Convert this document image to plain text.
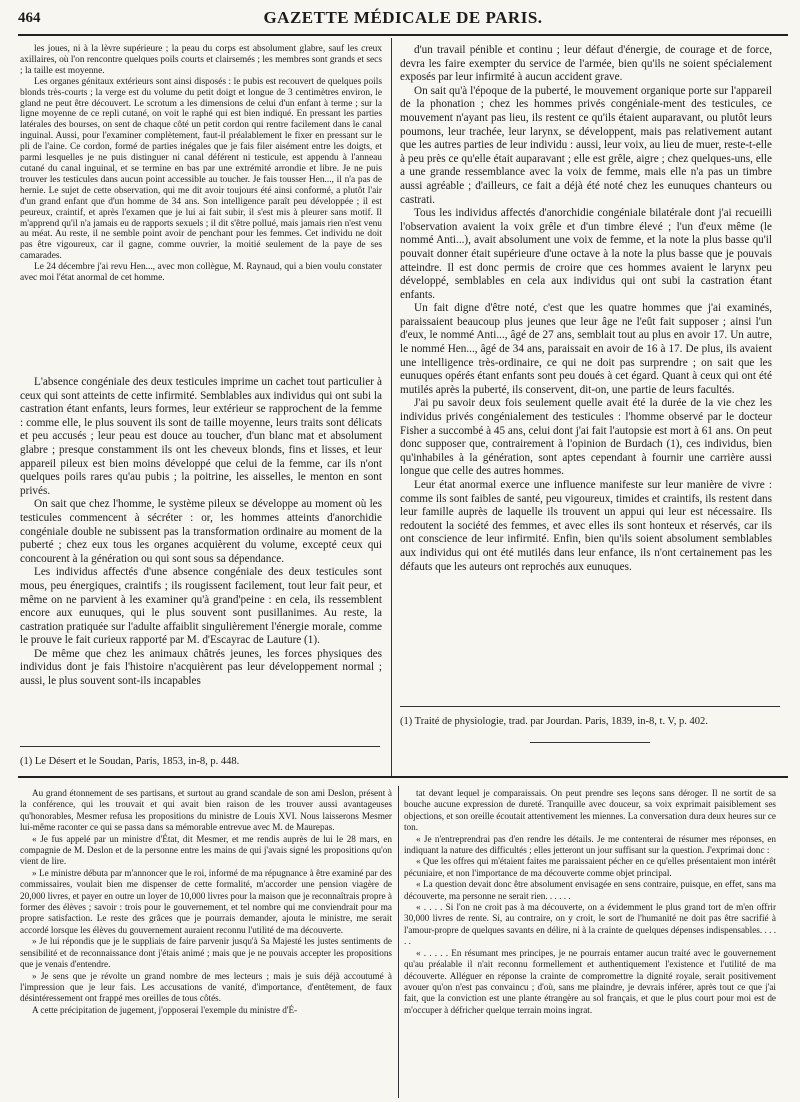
464	GAZETTE MÉDICALE DE PARIS.

les joues, ni à la lèvre supérieure ; la peau du corps est absolument glabre, sauf les creux axillaires, où l'on rencontre quelques poils courts et clairsemés ; les membres sont grands et secs ; la taille est moyenne.

Les organes génitaux extérieurs sont ainsi disposés : le pubis est recouvert de quelques poils blonds très-courts ; la verge est du volume du petit doigt et longue de 3 centimètres environ, le gland ne peut être découvert. Le scrotum a les dimensions de celui d'un enfant à terme ; sur la ligne moyenne de ce repli cutané, on voit le raphé qui est bien indiqué. En pressant les parties latérales des bourses, on sent de chaque côté un petit cordon qui rentre facilement dans le canal inguinal. Aussi, pour l'examiner complètement, faut-il préalablement le fixer en pressant sur le pli de l'aine. Ce cordon, formé de parties inégales que je fais filer aisément entre les doigts, et parmi lesquelles je ne puis distinguer ni canal déférent ni testicule, est appendu à l'anneau cutané du canal inguinal, et se termine en bas par une extrémité arrondie et libre. Je ne puis trouver les testicules dans aucun point accessible au toucher. Je fais tousser Hen..., il n'a pas de hernie. Le sujet de cette observation, qui me dit avoir toujours été ainsi conformé, a plutôt l'air d'un grand enfant que d'un homme de 34 ans. Son intelligence paraît peu développée ; il est peureux, craintif, et après l'examen que je lui ai fait subir, il s'est mis à pleurer sans motif. Il m'apprend qu'il n'a jamais eu de rapports sexuels ; il dit s'être pollué, mais jamais rien n'est venu au méat. Au reste, il ne semble point avoir de penchant pour les femmes. Cet individu ne doit pas être vigoureux, car il gagne, comme ouvrier, la moitié seulement de la paye de ses camarades.

Le 24 décembre j'ai revu Hen..., avec mon collègue, M. Raynaud, qui a bien voulu constater avec moi l'état anormal de cet homme.

L'absence congéniale des deux testicules imprime un cachet tout particulier à ceux qui sont atteints de cette infirmité. Semblables aux individus qui ont subi la castration étant enfants, leurs formes, leur extérieur se rapprochent de la femme : comme elle, le plus souvent ils sont de taille moyenne, leurs traits sont délicats et peu accusés ; leur peau est douce au toucher, d'un blanc mat et absolument glabre ; presque constamment ils ont les cheveux blonds, fins et lisses, et leur appareil pileux est bien moins développé que celui de la femme, car ils n'ont quelques poils rares qu'au pubis ; la poitrine, les aisselles, le menton en sont privés.

On sait que chez l'homme, le système pileux se développe au moment où les testicules commencent à sécréter : or, les hommes atteints d'anorchidie congéniale double ne subissent pas la transformation ordinaire au moment de la puberté ; chez eux tous les organes acquièrent du volume, excepté ceux qui concourent à la génération ou qui sont sous sa dépendance.

Les individus affectés d'une absence congéniale des deux testicules sont mous, peu énergiques, craintifs ; ils rougissent facilement, tout leur fait peur, et même on ne parvient à les examiner qu'à grand'peine : en cela, ils ressemblent encore aux eunuques, qui le plus souvent sont pusillanimes. Au reste, la castration pratiquée sur l'adulte affaiblit singulièrement l'énergie morale, comme le prouve le fait curieux rapporté par M. d'Escayrac de Lauture (1).

De même que chez les animaux châtrés jeunes, les forces physiques des individus dont je fais l'histoire n'acquièrent pas leur développement normal ; aussi, le plus souvent sont-ils incapables

d'un travail pénible et continu ; leur défaut d'énergie, de courage et de force, devra les faire exempter du service de l'armée, bien qu'ils ne soient spécialement exposés par leur infirmité à aucun accident grave.

On sait qu'à l'époque de la puberté, le mouvement organique porte sur l'appareil de la phonation ; chez les hommes privés congéniale-ment des testicules, ce mouvement n'ayant pas lieu, ils restent ce qu'ils étaient auparavant, ou plutôt leurs poumons, leur trachée, leur larynx, se développent, mais pas relativement autant que les autres parties de leur individu : aussi, leur voix, au lieu de muer, reste-t-elle à peu près ce qu'elle était auparavant ; elle est grêle, aigre ; chez quelques-uns, elle a une grande ressemblance avec la voix de femme, mais elle n'a pas un timbre aussi agréable ; d'ailleurs, ce fait a déjà été noté chez les eunuques chanteurs ou castrati.

Tous les individus affectés d'anorchidie congéniale bilatérale dont j'ai recueilli l'observation avaient la voix grêle et d'un timbre élevé ; l'un d'eux même (le nommé Anti...), avait absolument une voix de femme, et la note la plus basse qu'il pouvait donner était supérieure d'une octave à la note la plus basse que je pouvais atteindre. Il est donc permis de croire que ces hommes avaient le larynx peu développé, semblables en cela aux individus qui ont subi la castration étant enfants.

Un fait digne d'être noté, c'est que les quatre hommes que j'ai examinés, paraissaient beaucoup plus jeunes que leur âge ne l'eût fait supposer ; ainsi l'un d'eux, le nommé Anti..., âgé de 27 ans, semblait tout au plus en avoir 17. Un autre, le nommé Hen..., âgé de 34 ans, paraissait en avoir de 16 à 17. De plus, ils avaient une intelligence très-ordinaire, ce qui ne doit pas surprendre ; on sait que les eunuques opérés étant enfants sont peu doués à cet égard. Quant à ceux qui ont été mutilés après la puberté, ils conservent, dit-on, une partie de leurs facultés.

J'ai pu savoir deux fois seulement quelle avait été la durée de la vie chez les individus privés congénialement des testicules : l'homme observé par le docteur Fisher a succombé à 45 ans, celui dont j'ai fait l'autopsie est mort à 61 ans. On peut donc supposer que, contrairement à l'opinion de Burdach (1), ces individus, bien qu'inhabiles à la génération, sont aptes cependant à fournir une carrière aussi longue que celle des autres hommes.

Leur état anormal exerce une influence manifeste sur leur manière de vivre : comme ils sont faibles de santé, peu vigoureux, timides et craintifs, ils restent dans leur famille auprès de laquelle ils trouvent un appui qui leur est nécessaire. Ils redoutent la société des femmes, et avec elles ils sont honteux et réservés, car ils ont conscience de leur infirmité. Enfin, bien qu'ils soient absolument semblables aux individus qui ont été mutilés dans leur enfance, ils n'ont certainement pas les défauts que les auteurs ont reprochés aux eunuques.

(1) Traité de physiologie, trad. par Jourdan. Paris, 1839, in-8, t. V, p. 402.
(1) Le Désert et le Soudan, Paris, 1853, in-8, p. 448.

Au grand étonnement de ses partisans, et surtout au grand scandale de son ami Deslon, présent à la conférence, qui les trouvait et qui avait bien raison de les trouver aussi avantageuses qu'honorables, Mesmer refusa les propositions du ministre de Louis XVI. Nous laisserons Mesmer lui-même raconter ce qui se passa dans sa mémorable entrevue avec M. de Maurepas.

« Je fus appelé par un ministre d'État, dit Mesmer, et me rendis auprès de lui le 28 mars, en compagnie de M. Deslon et de la personne entre les mains de qui j'avais signé les propositions qu'on vient de lire.

» Le ministre débuta par m'annoncer que le roi, informé de ma répugnance à être examiné par des commissaires, voulait bien me dispenser de cette formalité, m'accorder une pension viagère de 20,000 livres, et payer en outre un loyer de 10,000 livres pour la maison que je reconnaîtrais propre à former des élèves ; savoir : trois pour le gouvernement, et tel nombre qui me conviendrait pour ma propre satisfaction. Le reste des grâces que je pourrais demander, ajouta le ministre, me serait accordé lorsque les élèves du gouvernement auraient reconnu l'utilité de ma découverte.

» Je lui répondis que je le suppliais de faire parvenir jusqu'à Sa Majesté les justes sentiments de sensibilité et de reconnaissance dont j'étais animé ; mais que je ne pouvais accepter les propositions que je venais d'entendre.

» Je sens que je révolte un grand nombre de mes lecteurs ; mais je suis déjà accoutumé à l'impression que je leur fais. Les accusations de vanité, d'importance, d'entêtement, de faux désintéressement ont frappé mes oreilles de tous côtés.

A cette précipitation de jugement, j'opposerai l'exemple du ministre d'É-

tat devant lequel je comparaissais. On peut prendre ses leçons sans déroger. Il ne sortit de sa bouche aucune expression de dureté. Tranquille avec douceur, sa voix exprimait paisiblement ses objections, et son oreille écoutait attentivement les miennes. La conversation dura deux heures sur ce ton.

« Je n'entreprendrai pas d'en rendre les détails. Je me contenterai de résumer mes réponses, en indiquant la nature des difficultés ; elles jetteront un jour suffisant sur la question. J'exprimai donc :

« Que les offres qui m'étaient faites me paraissaient pécher en ce qu'elles présentaient mon intérêt pécuniaire, et non l'importance de ma découverte comme objet principal.

« La question devait donc être absolument envisagée en sens contraire, puisque, en effet, sans ma découverte, ma personne ne serait rien. . . . . .

« . . . . Si l'on ne croit pas à ma découverte, on a évidemment le plus grand tort de m'en offrir 30,000 livres de rente. Si, au contraire, on y croit, le sort de l'humanité ne doit pas être sacrifié à l'amour-propre de quelques savants en délire, ni à la crainte de quelques dépenses indispensables. . . . . .

« . . . . . En résumant mes principes, je ne pourrais entamer aucun traité avec le gouvernement qu'au préalable il n'ait reconnu formellement et authentiquement l'existence et l'utilité de ma découverte. Alléguer en réponse la crainte de compromettre la dignité royale, serait positivement avouer qu'on n'est pas convaincu ; d'où, sans me plaindre, je devrais inférer, après tout ce que j'ai fait, que la conviction est une plante étrangère au sol français, et que le plus court pour moi est de m'occuper à défricher quelque terrain moins ingrat.
